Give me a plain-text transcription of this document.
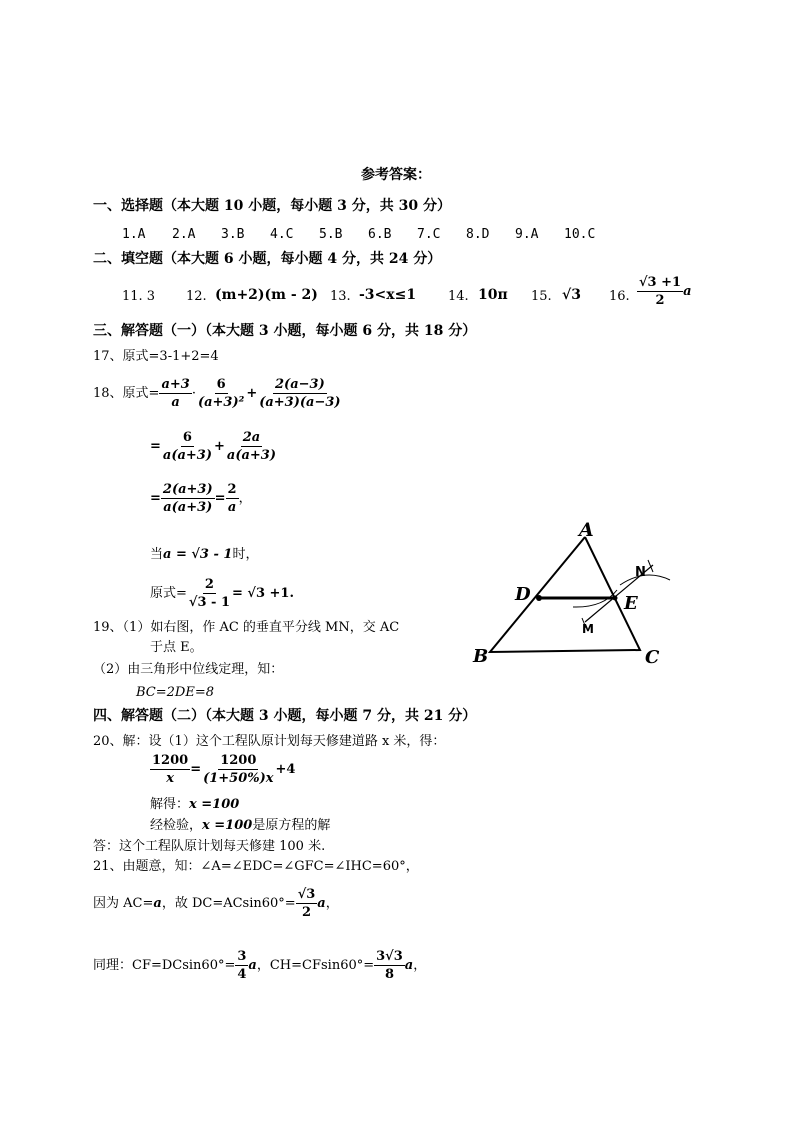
参考答案：
一、选择题（本大题 10 小题，每小题 3 分，共 30 分）
1.A 2.A 3.B 4.C 5.B 6.B 7.C 8.D 9.A 10.C
二、填空题（本大题 6 小题，每小题 4 分，共 24 分）
11. 3 12. (m+2)(m - 2) 13. -3<x≤1 14. 10π 15. √3 16. $\frac{√3 +1}{2}$ a
三、解答题（一）（本大题 3 小题，每小题 6 分，共 18 分）
17、原式=3-1+2=4
18、原式= $\frac{a+3}{a} \cdot \frac{6}{\text{(a+3)²}} + \frac{2(a-3)}{(a+3)(a-3)}$
= $\frac{6}{a(a+3)} + \frac{2a}{a(a+3)}$
= $\frac{2(a+3)}{a(a+3)} = \frac{2}{a}$ ，
当a = √3 - 1时，
原式= $\frac{2}{√3 - 1} = √3 +1$.
19、（1）如右图，作 AC 的垂直平分线 MN，交 AC
于点 E。
（2）由三角形中位线定理，知：
BC=2DE=8
A
D	E
B	C
M
N
四、解答题（二）（本大题 3 小题，每小题 7 分，共 21 分）
20、解：设（1）这个工程队原计划每天修建道路 x 米，得：
$\frac{1200}{x} = \frac{1200}{(1+50\%)x} +4$
解得：x =100
经检验，x =100是原方程的解
答：这个工程队原计划每天修建 100 米.
21、由题意，知：∠A=∠EDC=∠GFC=∠IHC=60°，
因为 AC=a，故 $DC=ACsin60^\circ= \frac{√3}{2}$ a，
同理：$CF=DCsin60^\circ= \frac{3}{4}$ a，$CH=CFsin60^\circ= \frac{3√3}{8}$ a，
